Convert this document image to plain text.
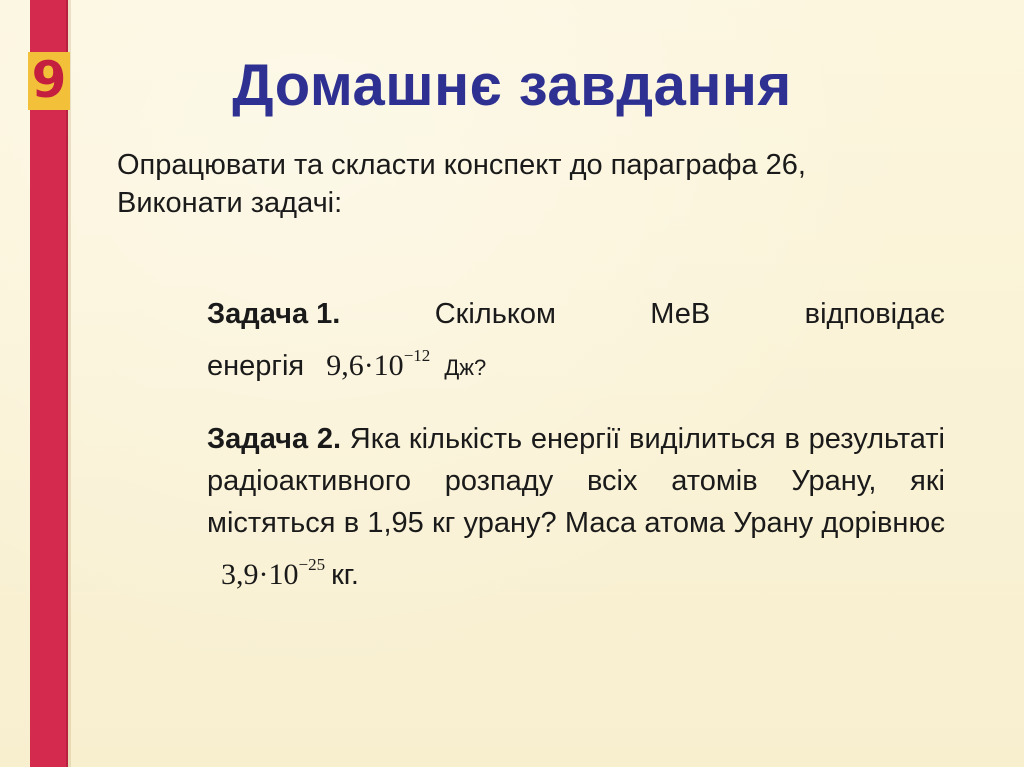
9	Домашнє завдання
Опрацювати та скласти конспект до параграфа 26,
Виконати задачі:
Задача 1.	Скільком	МеВ	відповідає
енергія $9,6\cdot 10^{-12}$ Дж?
Задача 2. Яка кількість енергії виділиться в результаті радіоактивного розпаду всіх атомів Урану, які містяться в 1,95 кг урану? Маса атома Урану дорівнює $3,9\cdot 10^{-25}$ кг.
